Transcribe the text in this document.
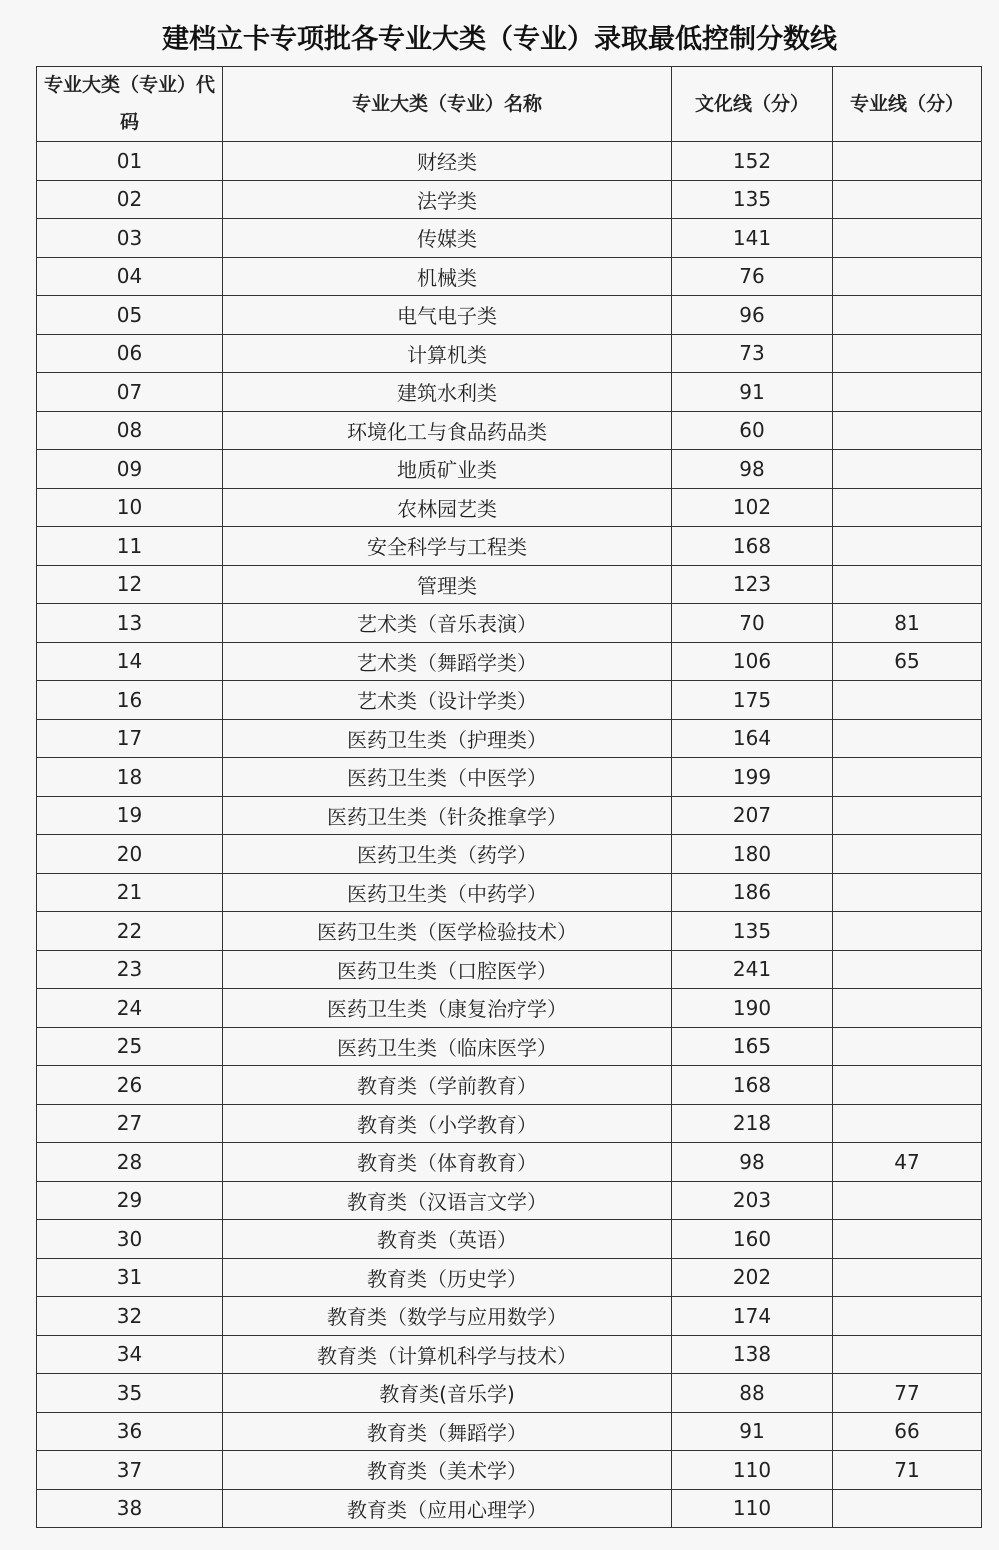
建档立卡专项批各专业大类（专业）录取最低控制分数线
专业大类（专业）代码	专业大类（专业）名称	文化线（分）	专业线（分）
01	财经类	152	
02	法学类	135	
03	传媒类	141	
04	机械类	76	
05	电气电子类	96	
06	计算机类	73	
07	建筑水利类	91	
08	环境化工与食品药品类	60	
09	地质矿业类	98	
10	农林园艺类	102	
11	安全科学与工程类	168	
12	管理类	123	
13	艺术类（音乐表演）	70	81
14	艺术类（舞蹈学类）	106	65
16	艺术类（设计学类）	175	
17	医药卫生类（护理类）	164	
18	医药卫生类（中医学）	199	
19	医药卫生类（针灸推拿学）	207	
20	医药卫生类（药学）	180	
21	医药卫生类（中药学）	186	
22	医药卫生类（医学检验技术）	135	
23	医药卫生类（口腔医学）	241	
24	医药卫生类（康复治疗学）	190	
25	医药卫生类（临床医学）	165	
26	教育类（学前教育）	168	
27	教育类（小学教育）	218	
28	教育类（体育教育）	98	47
29	教育类（汉语言文学）	203	
30	教育类（英语）	160	
31	教育类（历史学）	202	
32	教育类（数学与应用数学）	174	
34	教育类（计算机科学与技术）	138	
35	教育类(音乐学)	88	77
36	教育类（舞蹈学）	91	66
37	教育类（美术学）	110	71
38	教育类（应用心理学）	110	
